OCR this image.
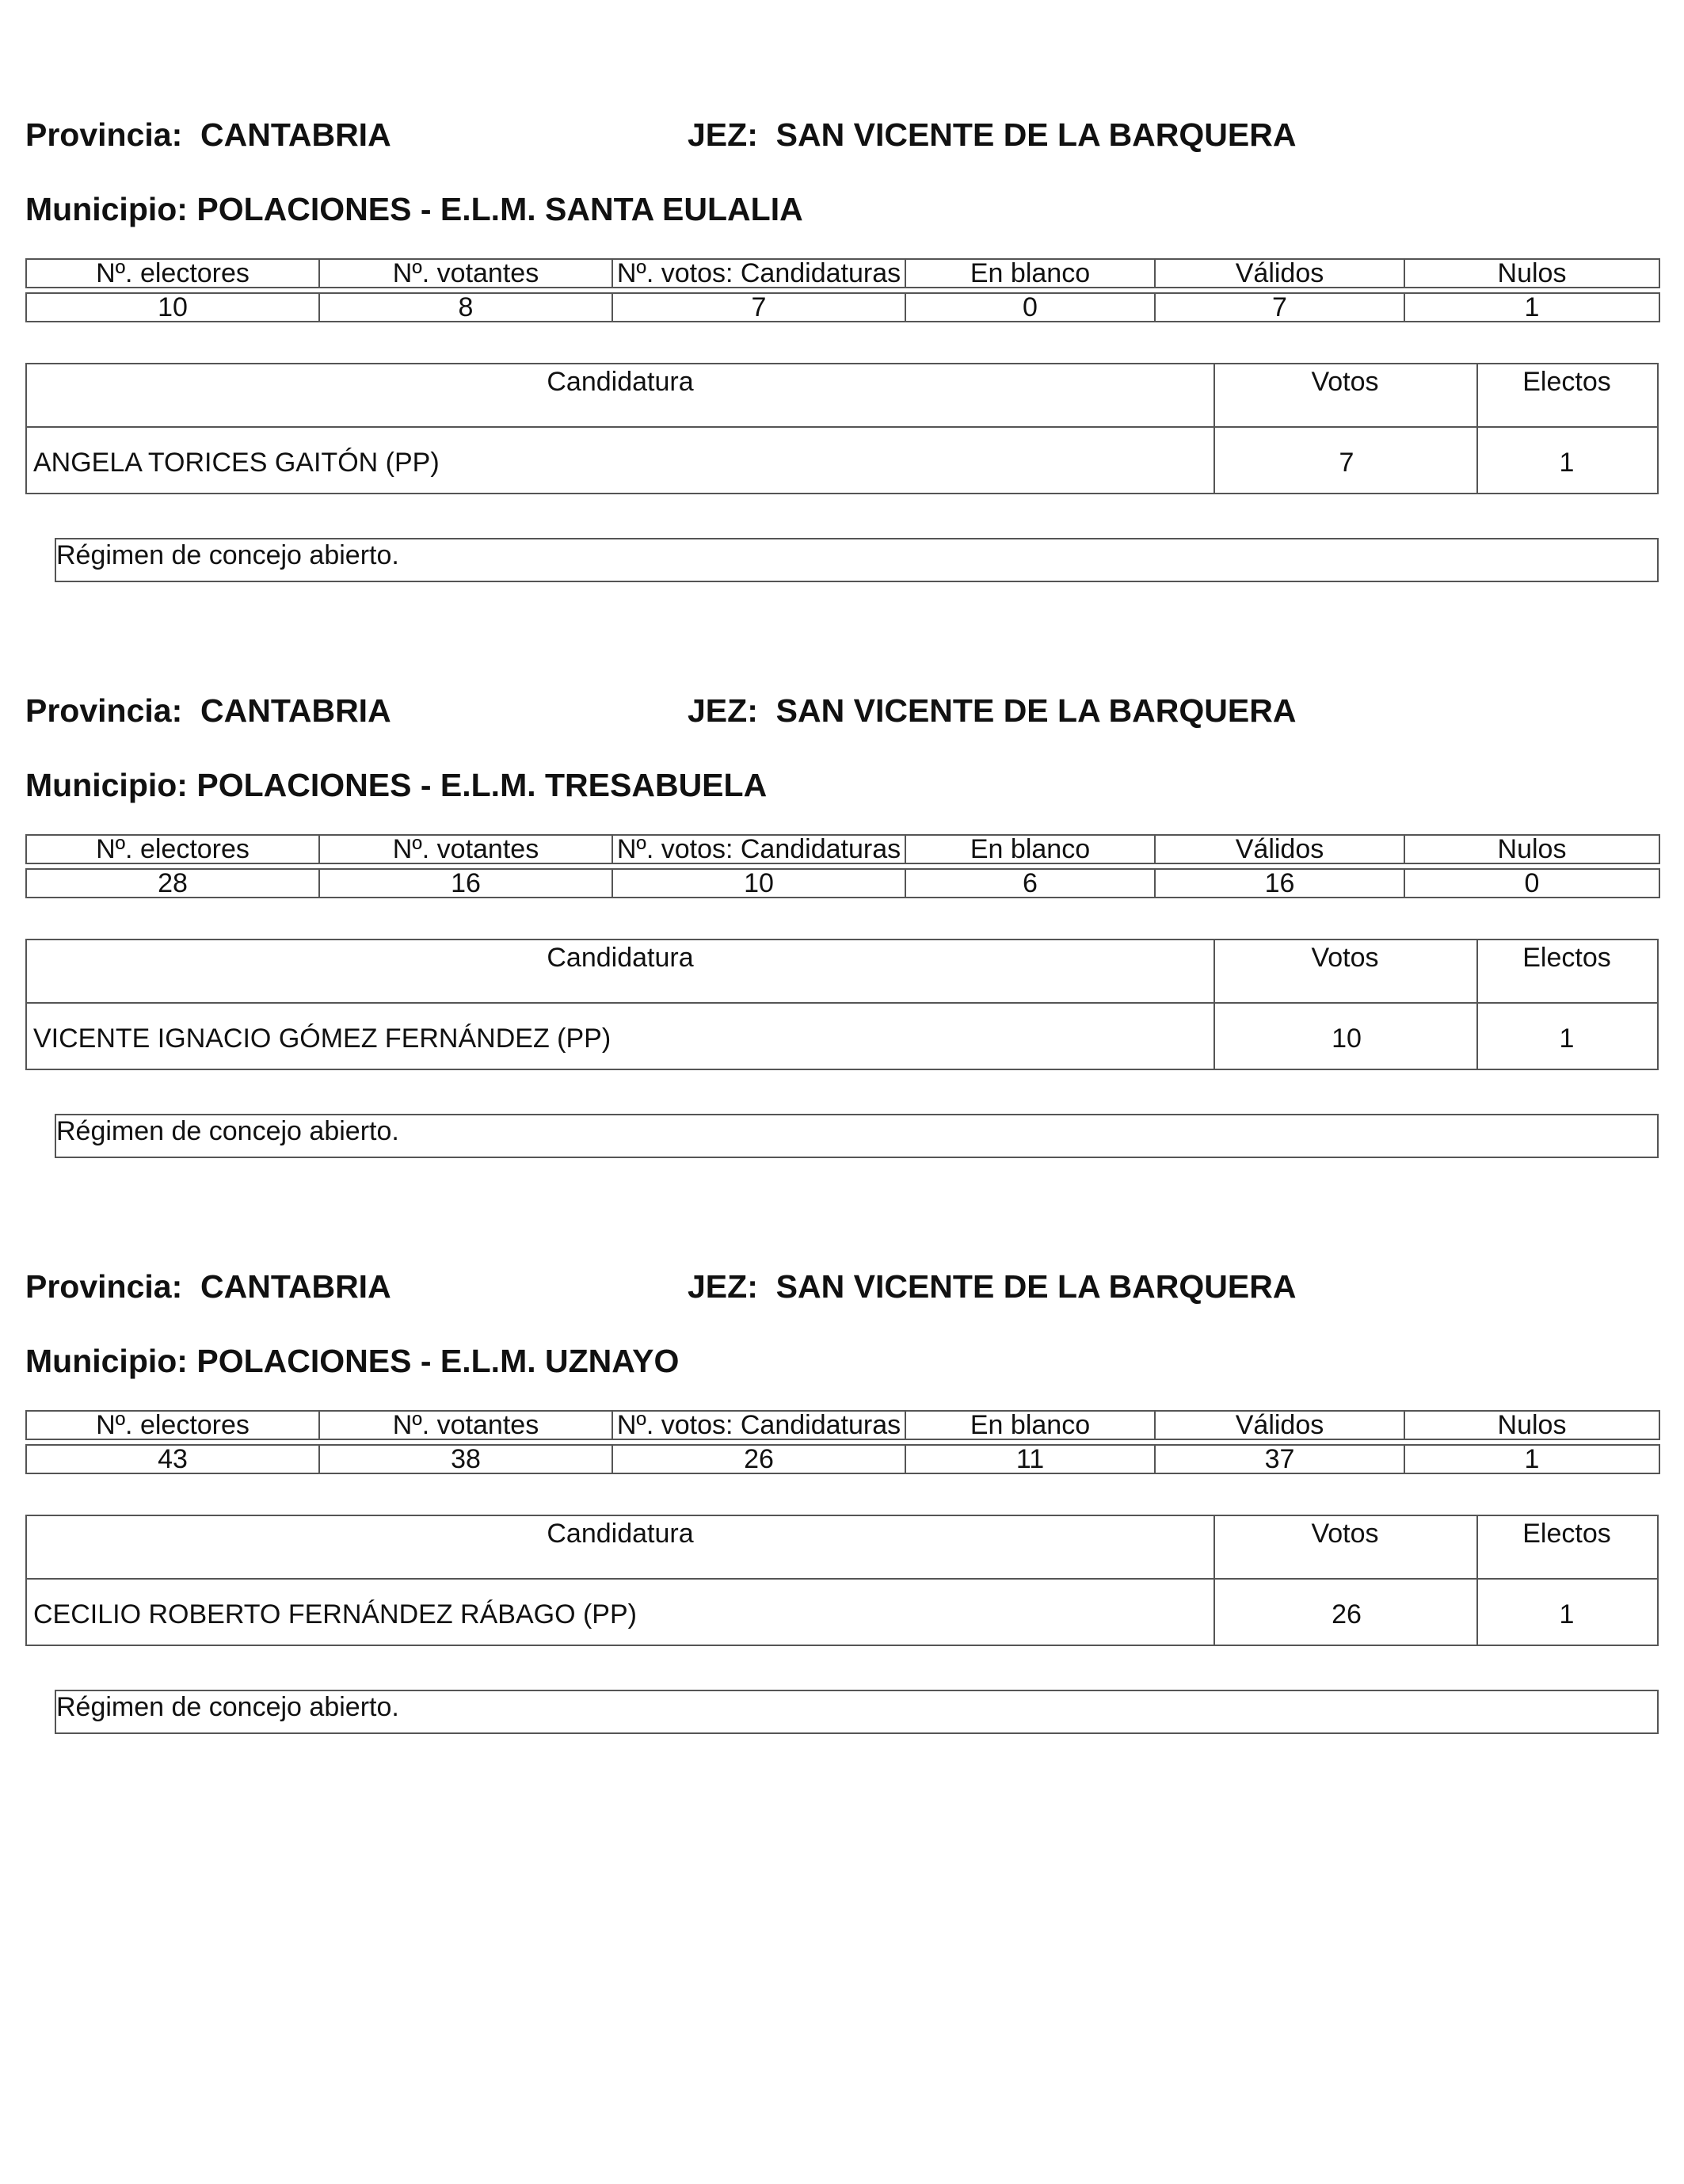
Provincia: CANTABRIA	JEZ: SAN VICENTE DE LA BARQUERA
Municipio: POLACIONES - E.L.M. SANTA EULALIA
Nº. electores	Nº. votantes	Nº. votos: Candidaturas	En blanco	Válidos	Nulos

10	8	7	0	7	1
Candidatura	Votos	Electos
ANGELA TORICES GAITÓN (PP)	7	1
Régimen de concejo abierto.
Provincia: CANTABRIA	JEZ: SAN VICENTE DE LA BARQUERA
Municipio: POLACIONES - E.L.M. TRESABUELA
Nº. electores	Nº. votantes	Nº. votos: Candidaturas	En blanco	Válidos	Nulos

28	16	10	6	16	0
Candidatura	Votos	Electos
VICENTE IGNACIO GÓMEZ FERNÁNDEZ (PP)	10	1
Régimen de concejo abierto.
Provincia: CANTABRIA	JEZ: SAN VICENTE DE LA BARQUERA
Municipio: POLACIONES - E.L.M. UZNAYO
Nº. electores	Nº. votantes	Nº. votos: Candidaturas	En blanco	Válidos	Nulos

43	38	26	11	37	1
Candidatura	Votos	Electos
CECILIO ROBERTO FERNÁNDEZ RÁBAGO (PP)	26	1
Régimen de concejo abierto.
